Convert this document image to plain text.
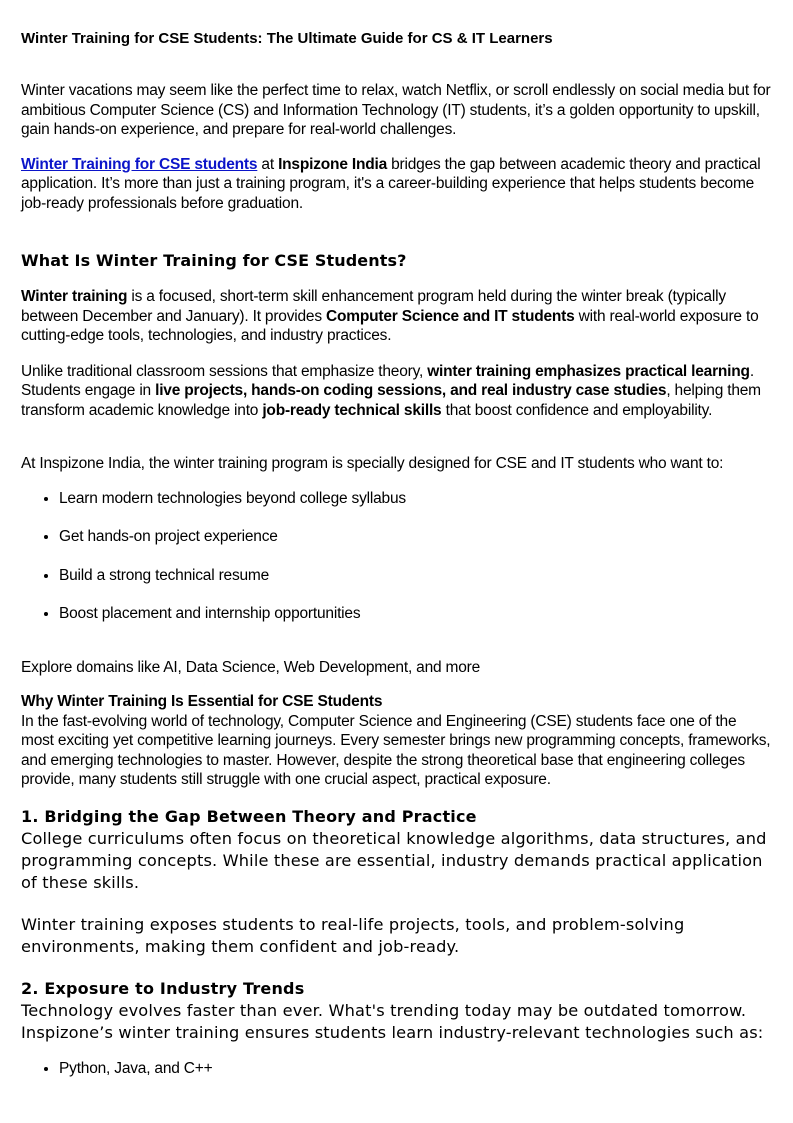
Winter Training for CSE Students: The Ultimate Guide for CS & IT Learners

Winter vacations may seem like the perfect time to relax, watch Netflix, or scroll endlessly on social media but for ambitious Computer Science (CS) and Information Technology (IT) students, it’s a golden opportunity to upskill, gain hands-on experience, and prepare for real-world challenges.

Winter Training for CSE students at Inspizone India bridges the gap between academic theory and practical application. It’s more than just a training program, it's a career-building experience that helps students become job-ready professionals before graduation.

What Is Winter Training for CSE Students?

Winter training is a focused, short-term skill enhancement program held during the winter break (typically between December and January). It provides Computer Science and IT students with real-world exposure to cutting-edge tools, technologies, and industry practices.

Unlike traditional classroom sessions that emphasize theory, winter training emphasizes practical learning. Students engage in live projects, hands-on coding sessions, and real industry case studies, helping them transform academic knowledge into job-ready technical skills that boost confidence and employability.

At Inspizone India, the winter training program is specially designed for CSE and IT students who want to:

• Learn modern technologies beyond college syllabus
• Get hands-on project experience
• Build a strong technical resume
• Boost placement and internship opportunities

Explore domains like AI, Data Science, Web Development, and more

Why Winter Training Is Essential for CSE Students

In the fast-evolving world of technology, Computer Science and Engineering (CSE) students face one of the most exciting yet competitive learning journeys. Every semester brings new programming concepts, frameworks, and emerging technologies to master. However, despite the strong theoretical base that engineering colleges provide, many students still struggle with one crucial aspect, practical exposure.

1. Bridging the Gap Between Theory and Practice

College curriculums often focus on theoretical knowledge algorithms, data structures, and programming concepts. While these are essential, industry demands practical application of these skills.

Winter training exposes students to real-life projects, tools, and problem-solving environments, making them confident and job-ready.

2. Exposure to Industry Trends

Technology evolves faster than ever. What's trending today may be outdated tomorrow. Inspizone’s winter training ensures students learn industry-relevant technologies such as:

• Python, Java, and C++
